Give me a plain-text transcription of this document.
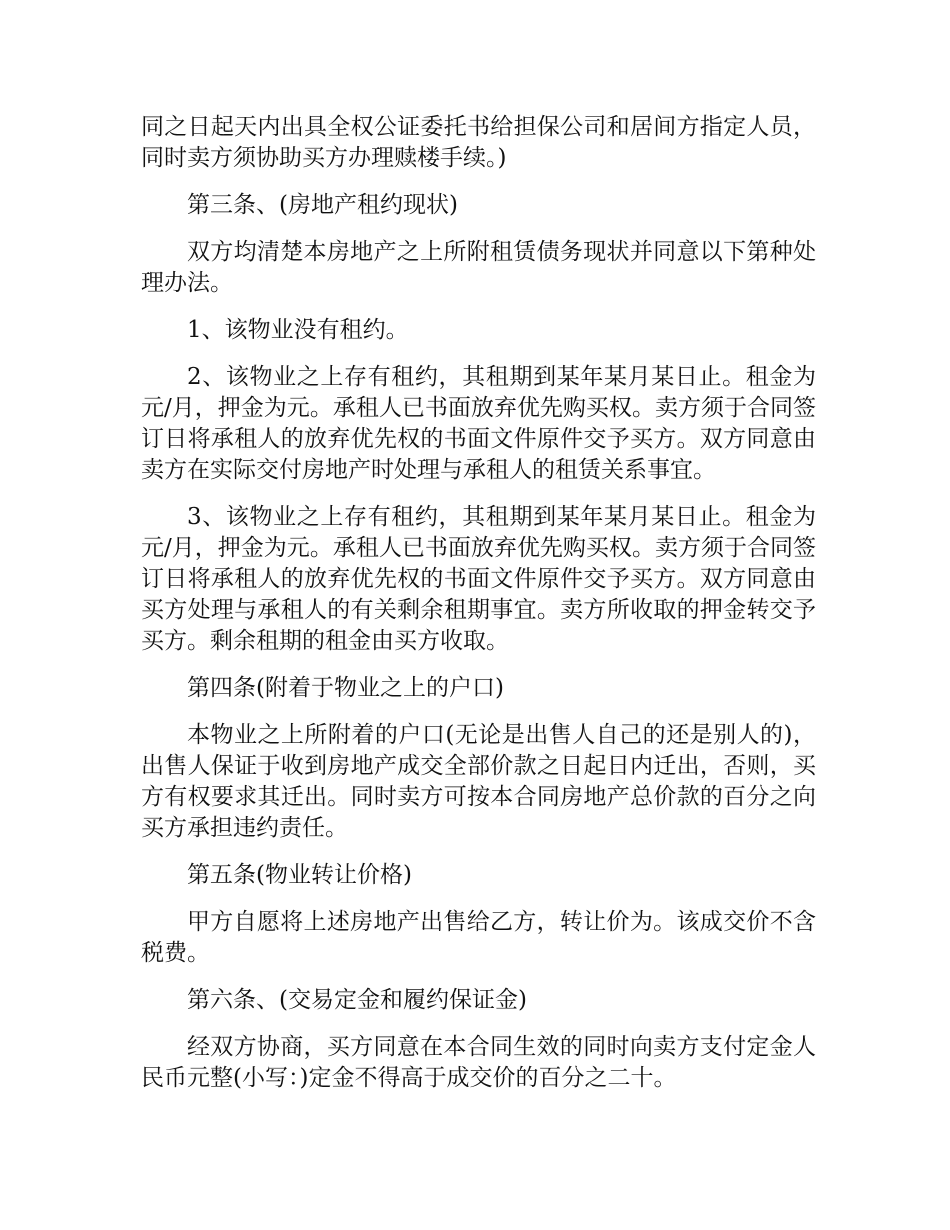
同之日起天内出具全权公证委托书给担保公司和居间方指定人员，同时卖方须协助买方办理赎楼手续。)

第三条、(房地产租约现状)

双方均清楚本房地产之上所附租赁债务现状并同意以下第种处理办法。

1、该物业没有租约。

2、该物业之上存有租约，其租期到某年某月某日止。租金为元/月，押金为元。承租人已书面放弃优先购买权。卖方须于合同签订日将承租人的放弃优先权的书面文件原件交予买方。双方同意由卖方在实际交付房地产时处理与承租人的租赁关系事宜。

3、该物业之上存有租约，其租期到某年某月某日止。租金为元/月，押金为元。承租人已书面放弃优先购买权。卖方须于合同签订日将承租人的放弃优先权的书面文件原件交予买方。双方同意由买方处理与承租人的有关剩余租期事宜。卖方所收取的押金转交予买方。剩余租期的租金由买方收取。

第四条(附着于物业之上的户口)

本物业之上所附着的户口(无论是出售人自己的还是别人的)，出售人保证于收到房地产成交全部价款之日起日内迁出，否则，买方有权要求其迁出。同时卖方可按本合同房地产总价款的百分之向买方承担违约责任。

第五条(物业转让价格)

甲方自愿将上述房地产出售给乙方，转让价为。该成交价不含税费。

第六条、(交易定金和履约保证金)

经双方协商，买方同意在本合同生效的同时向卖方支付定金人民币元整(小写：)定金不得高于成交价的百分之二十。
